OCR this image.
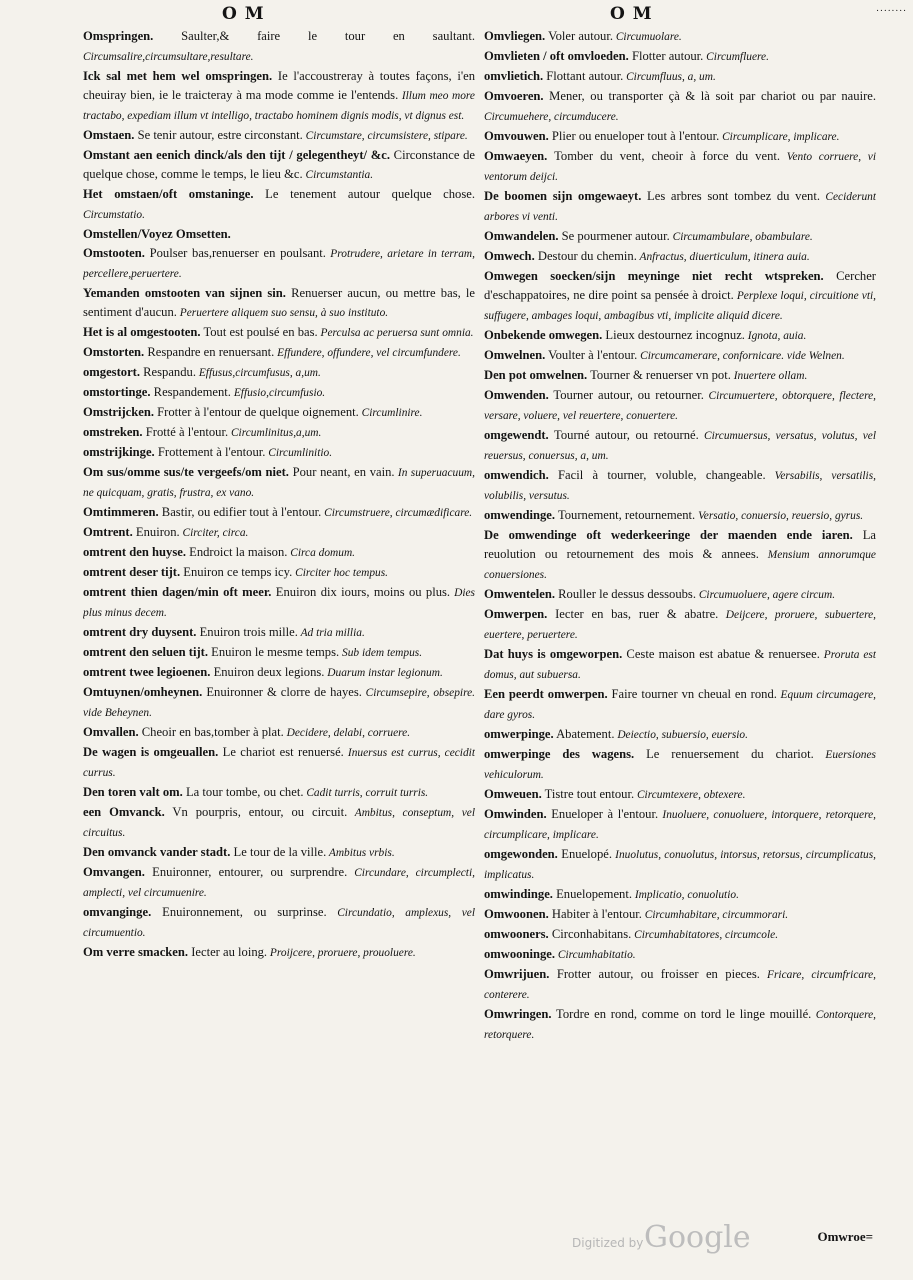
O M	O M	........
Omspringen. Saulter,& faire le tour en saultant. Circumsalire,circumsultare,resultare.
Ick sal met hem wel omspringen. Ie l'accoustreray à toutes façons, i'en cheuiray bien, ie le traicteray à ma mode comme ie l'entends. Illum meo more tractabo, expediam illum vt intelligo, tractabo hominem dignis modis, vt dignus est.
Omstaen. Se tenir autour, estre circonstant. Circumstare, circumsistere, stipare.
Omstant aen eenich dinck/als den tijt / gelegentheyt/ &c. Circonstance de quelque chose, comme le temps, le lieu &c. Circumstantia.
Het omstaen/oft omstaninge. Le tenement autour quelque chose. Circumstatio.
Omstellen/Voyez Omsetten.
Omstooten. Poulser bas,renuerser en poulsant. Protrudere, arietare in terram, percellere,peruertere.
Yemanden omstooten van sijnen sin. Renuerser aucun, ou mettre bas, le sentiment d'aucun. Peruertere aliquem suo sensu, à suo instituto.
Het is al omgestooten. Tout est poulsé en bas. Perculsa ac peruersa sunt omnia.
Omstorten. Respandre en renuersant. Effundere, offundere, vel circumfundere.
omgestort. Respandu. Effusus,circumfusus, a,um.
omstortinge. Respandement. Effusio,circumfusio.
Omstrijcken. Frotter à l'entour de quelque oignement. Circumlinire.
omstreken. Frotté à l'entour. Circumlinitus,a,um.
omstrijkinge. Frottement à l'entour. Circumlinitio.
Om sus/omme sus/te vergeefs/om niet. Pour neant, en vain. In superuacuum, ne quicquam, gratis, frustra, ex vano.
Omtimmeren. Bastir, ou edifier tout à l'entour. Circumstruere, circumædificare.
Omtrent. Enuiron. Circiter, circa.
omtrent den huyse. Endroict la maison. Circa domum.
omtrent deser tijt. Enuiron ce temps icy. Circiter hoc tempus.
omtrent thien dagen/min oft meer. Enuiron dix iours, moins ou plus. Dies plus minus decem.
omtrent dry duysent. Enuiron trois mille. Ad tria millia.
omtrent den seluen tijt. Enuiron le mesme temps. Sub idem tempus.
omtrent twee legioenen. Enuiron deux legions. Duarum instar legionum.
Omtuynen/omheynen. Enuironner & clorre de hayes. Circumsepire, obsepire. vide Beheynen.
Omvallen. Cheoir en bas,tomber à plat. Decidere, delabi, corruere.
De wagen is omgeuallen. Le chariot est renuersé. Inuersus est currus, cecidit currus.
Den toren valt om. La tour tombe, ou chet. Cadit turris, corruit turris.
een Omvanck. Vn pourpris, entour, ou circuit. Ambitus, conseptum, vel circuitus.
Den omvanck vander stadt. Le tour de la ville. Ambitus vrbis.
Omvangen. Enuironner, entourer, ou surprendre. Circundare, circumplecti, amplecti, vel circumuenire.
omvanginge. Enuironnement, ou surprinse. Circundatio, amplexus, vel circumuentio.
Om verre smacken. Iecter au loing. Proijcere, proruere, prouoluere.
Omvliegen. Voler autour. Circumuolare.
Omvlieten / oft omvloeden. Flotter autour. Circumfluere.
omvlietich. Flottant autour. Circumfluus, a, um.
Omvoeren. Mener, ou transporter çà & là soit par chariot ou par nauire. Circumuehere, circumducere.
Omvouwen. Plier ou enueloper tout à l'entour. Circumplicare, implicare.
Omwaeyen. Tomber du vent, cheoir à force du vent. Vento corruere, vi ventorum deijci.
De boomen sijn omgewaeyt. Les arbres sont tombez du vent. Ceciderunt arbores vi venti.
Omwandelen. Se pourmener autour. Circumambulare, obambulare.
Omwech. Destour du chemin. Anfractus, diuerticulum, itinera auia.
Omwegen soecken/sijn meyninge niet recht wtspreken. Cercher d'eschappatoires, ne dire point sa pensée à droict. Perplexe loqui, circuitione vti, suffugere, ambages loqui, ambagibus vti, implicite aliquid dicere.
Onbekende omwegen. Lieux destournez incognuz. Ignota, auia.
Omwelnen. Voulter à l'entour. Circumcamerare, confornicare. vide Welnen.
Den pot omwelnen. Tourner & renuerser vn pot. Inuertere ollam.
Omwenden. Tourner autour, ou retourner. Circumuertere, obtorquere, flectere, versare, voluere, vel reuertere, conuertere.
omgewendt. Tourné autour, ou retourné. Circumuersus, versatus, volutus, vel reuersus, conuersus, a, um.
omwendich. Facil à tourner, voluble, changeable. Versabilis, versatilis, volubilis, versutus.
omwendinge. Tournement, retournement. Versatio, conuersio, reuersio, gyrus.
De omwendinge oft wederkeeringe der maenden ende iaren. La reuolution ou retournement des mois & annees. Mensium annorumque conuersiones.
Omwentelen. Rouller le dessus dessoubs. Circumuoluere, agere circum.
Omwerpen. Iecter en bas, ruer & abatre. Deijcere, proruere, subuertere, euertere, peruertere.
Dat huys is omgeworpen. Ceste maison est abatue & renuersee. Proruta est domus, aut subuersa.
Een peerdt omwerpen. Faire tourner vn cheual en rond. Equum circumagere, dare gyros.
omwerpinge. Abatement. Deiectio, subuersio, euersio.
omwerpinge des wagens. Le renuersement du chariot. Euersiones vehiculorum.
Omweuen. Tistre tout entour. Circumtexere, obtexere.
Omwinden. Enueloper à l'entour. Inuoluere, conuoluere, intorquere, retorquere, circumplicare, implicare.
omgewonden. Enuelopé. Inuolutus, conuolutus, intorsus, retorsus, circumplicatus, implicatus.
omwindinge. Enuelopement. Implicatio, conuolutio.
Omwoonen. Habiter à l'entour. Circumhabitare, circummorari.
omwooners. Circonhabitans. Circumhabitatores, circumcole.
omwooninge. Circumhabitatio.
Omwrijuen. Frotter autour, ou froisser en pieces. Fricare, circumfricare, conterere.
Omwringen. Tordre en rond, comme on tord le linge mouillé. Contorquere, retorquere.
Omwroe=
Digitized by Google
